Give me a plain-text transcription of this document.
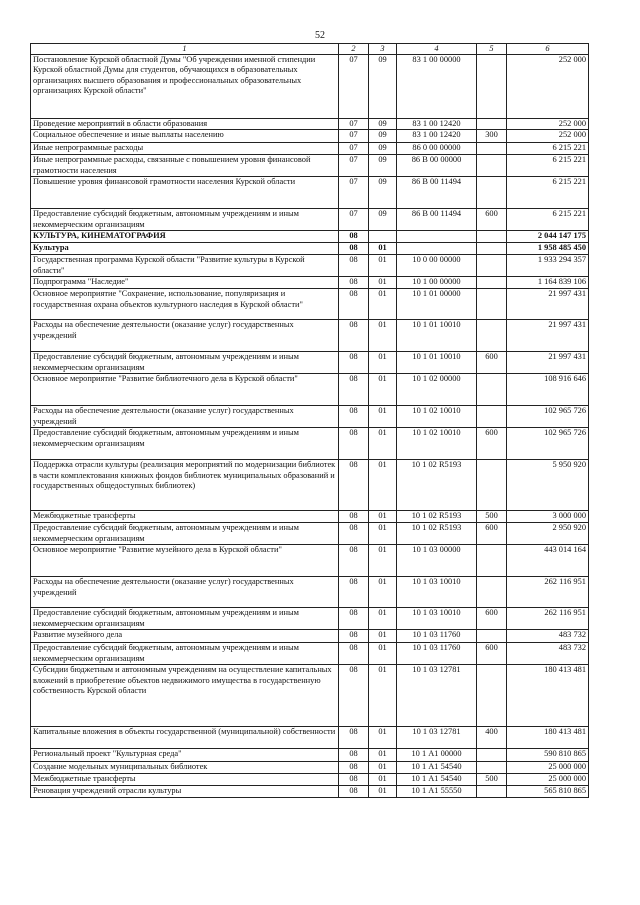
52
1	2	3	4	5	6
Постановление Курской областной Думы "Об учреждении именной стипендии Курской областной Думы для студентов, обучающихся в образовательных организациях высшего образования и профессиональных образовательных организациях Курской области"	07	09	83 1 00 00000		252 000
Проведение мероприятий в области образования	07	09	83 1 00 12420		252 000
Социальное обеспечение и иные выплаты населению	07	09	83 1 00 12420	300	252 000
Иные непрограммные расходы	07	09	86 0 00 00000		6 215 221
Иные непрограммные расходы, связанные с повышением уровня финансовой грамотности населения	07	09	86 В 00 00000		6 215 221
Повышение уровня финансовой грамотности населения Курской области	07	09	86 В 00 11494		6 215 221
Предоставление субсидий бюджетным, автономным учреждениям и иным некоммерческим организациям	07	09	86 В 00 11494	600	6 215 221
КУЛЬТУРА, КИНЕМАТОГРАФИЯ	08				2 044 147 175
Культура	08	01			1 958 485 450
Государственная программа Курской области "Развитие культуры в Курской области"	08	01	10 0 00 00000		1 933 294 357
Подпрограмма "Наследие"	08	01	10 1 00 00000		1 164 839 106
Основное мероприятие "Сохранение, использование, популяризация и государственная охрана объектов культурного наследия в Курской области"	08	01	10 1 01 00000		21 997 431
Расходы на обеспечение деятельности (оказание услуг) государственных учреждений	08	01	10 1 01 10010		21 997 431
Предоставление субсидий бюджетным, автономным учреждениям и иным некоммерческим организациям	08	01	10 1 01 10010	600	21 997 431
Основное мероприятие "Развитие библиотечного дела в Курской области"	08	01	10 1 02 00000		108 916 646
Расходы на обеспечение деятельности (оказание услуг) государственных учреждений	08	01	10 1 02 10010		102 965 726
Предоставление субсидий бюджетным, автономным учреждениям и иным некоммерческим организациям	08	01	10 1 02 10010	600	102 965 726
Поддержка отрасли культуры (реализация мероприятий по модернизации библиотек в части комплектования книжных фондов библиотек муниципальных образований и государственных общедоступных библиотек)	08	01	10 1 02 R5193		5 950 920
Межбюджетные трансферты	08	01	10 1 02 R5193	500	3 000 000
Предоставление субсидий бюджетным, автономным учреждениям и иным некоммерческим организациям	08	01	10 1 02 R5193	600	2 950 920
Основное мероприятие "Развитие музейного дела в Курской области"	08	01	10 1 03 00000		443 014 164
Расходы на обеспечение деятельности (оказание услуг) государственных учреждений	08	01	10 1 03 10010		262 116 951
Предоставление субсидий бюджетным, автономным учреждениям и иным некоммерческим организациям	08	01	10 1 03 10010	600	262 116 951
Развитие музейного дела	08	01	10 1 03 11760		483 732
Предоставление субсидий бюджетным, автономным учреждениям и иным некоммерческим организациям	08	01	10 1 03 11760	600	483 732
Субсидии бюджетным и автономным учреждениям на осуществление капитальных вложений в приобретение объектов недвижимого имущества в государственную собственность Курской области	08	01	10 1 03 12781		180 413 481
Капитальные вложения в объекты государственной (муниципальной) собственности	08	01	10 1 03 12781	400	180 413 481
Региональный проект "Культурная среда"	08	01	10 1 А1 00000		590 810 865
Создание модельных муниципальных библиотек	08	01	10 1 А1 54540		25 000 000
Межбюджетные трансферты	08	01	10 1 А1 54540	500	25 000 000
Реновация учреждений отрасли культуры	08	01	10 1 А1 55550		565 810 865
